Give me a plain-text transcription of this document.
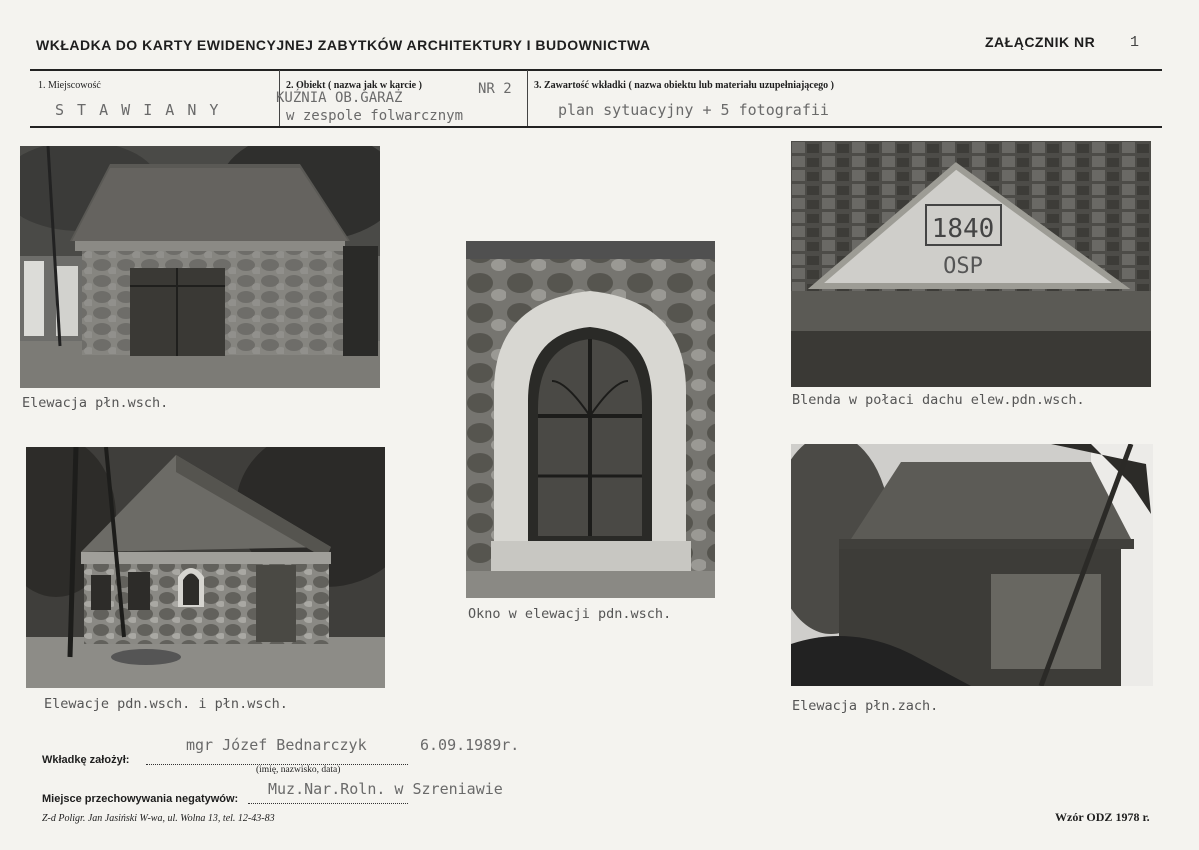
WKŁADKA DO KARTY EWIDENCYJNEJ ZABYTKÓW ARCHITEKTURY I BUDOWNICTWA	ZAŁĄCZNIK NR 1
1. Miejscowość
S T A W I A N Y
2. Obiekt ( nazwa jak w karcie )	NR 2
KUŹNIA OB.GARAŻ
w zespole folwarcznym
3. Zawartość wkładki ( nazwa obiektu lub materiału uzupełniającego )
plan sytuacyjny + 5 fotografii
Elewacja płn.wsch.
Okno w elewacji pdn.wsch.
1840
OSP
Blenda w połaci dachu elew.pdn.wsch.
Elewacje pdn.wsch. i płn.wsch.	Elewacja płn.zach.
Wkładkę założył:
mgr Józef Bednarczyk	6.09.1989r.
(imię, nazwisko, data)
Miejsce przechowywania negatywów:
Muz.Nar.Roln. w Szreniawie
Z-d Poligr. Jan Jasiński W-wa, ul. Wolna 13, tel. 12-43-83	Wzór ODZ 1978 r.
